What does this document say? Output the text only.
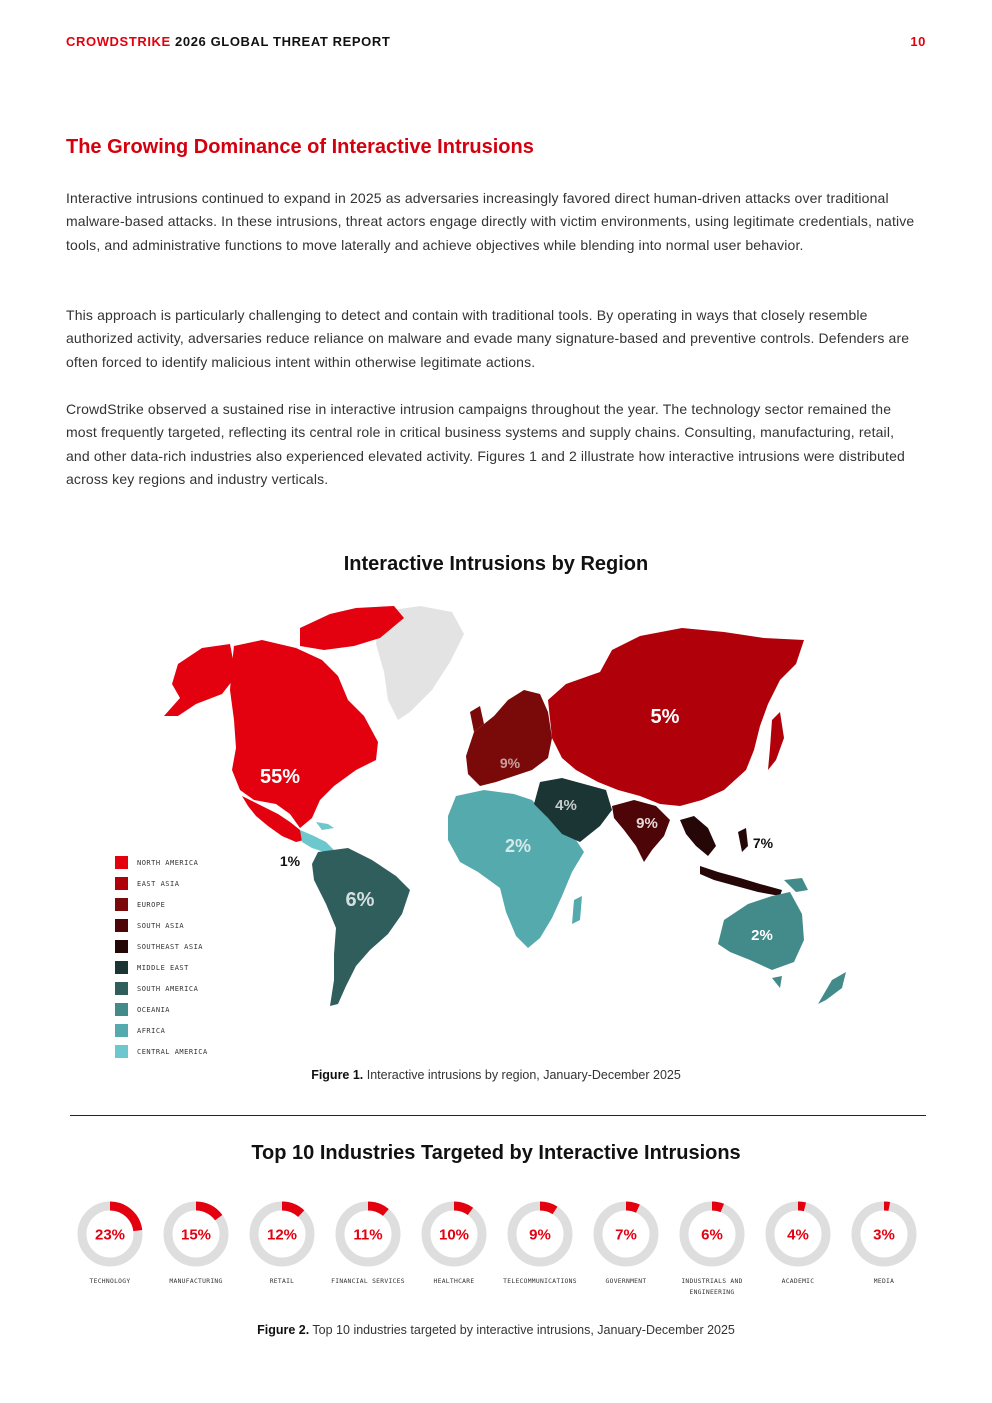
CROWDSTRIKE 2026 GLOBAL THREAT REPORT	10
The Growing Dominance of Interactive Intrusions

Interactive intrusions continued to expand in 2025 as adversaries increasingly favored direct human-driven attacks over traditional malware-based attacks. In these intrusions, threat actors engage directly with victim environments, using legitimate credentials, native tools, and administrative functions to move laterally and achieve objectives while blending into normal user behavior.

This approach is particularly challenging to detect and contain with traditional tools. By operating in ways that closely resemble authorized activity, adversaries reduce reliance on malware and evade many signature-based and preventive controls. Defenders are often forced to identify malicious intent within otherwise legitimate actions.

CrowdStrike observed a sustained rise in interactive intrusion campaigns throughout the year. The technology sector remained the most frequently targeted, reflecting its central role in critical business systems and supply chains. Consulting, manufacturing, retail, and other data-rich industries also experienced elevated activity. Figures 1 and 2 illustrate how interactive intrusions were distributed across key regions and industry verticals.

Interactive Intrusions by Region
55%
5%
9%
4%
9%
7%
2%
6%
2%
1%
NORTH AMERICA
EAST ASIA
EUROPE
SOUTH ASIA
SOUTHEAST ASIA
MIDDLE EAST
SOUTH AMERICA
OCEANIA
AFRICA
CENTRAL AMERICA
Figure 1. Interactive intrusions by region, January-December 2025
Top 10 Industries Targeted by Interactive Intrusions
23%
TECHNOLOGY
15%
MANUFACTURING
12%
RETAIL
11%
FINANCIAL SERVICES
10%
HEALTHCARE
9%
TELECOMMUNICATIONS
7%
GOVERNMENT
6%
INDUSTRIALS AND ENGINEERING
4%
ACADEMIC
3%
MEDIA
Figure 2. Top 10 industries targeted by interactive intrusions, January-December 2025
